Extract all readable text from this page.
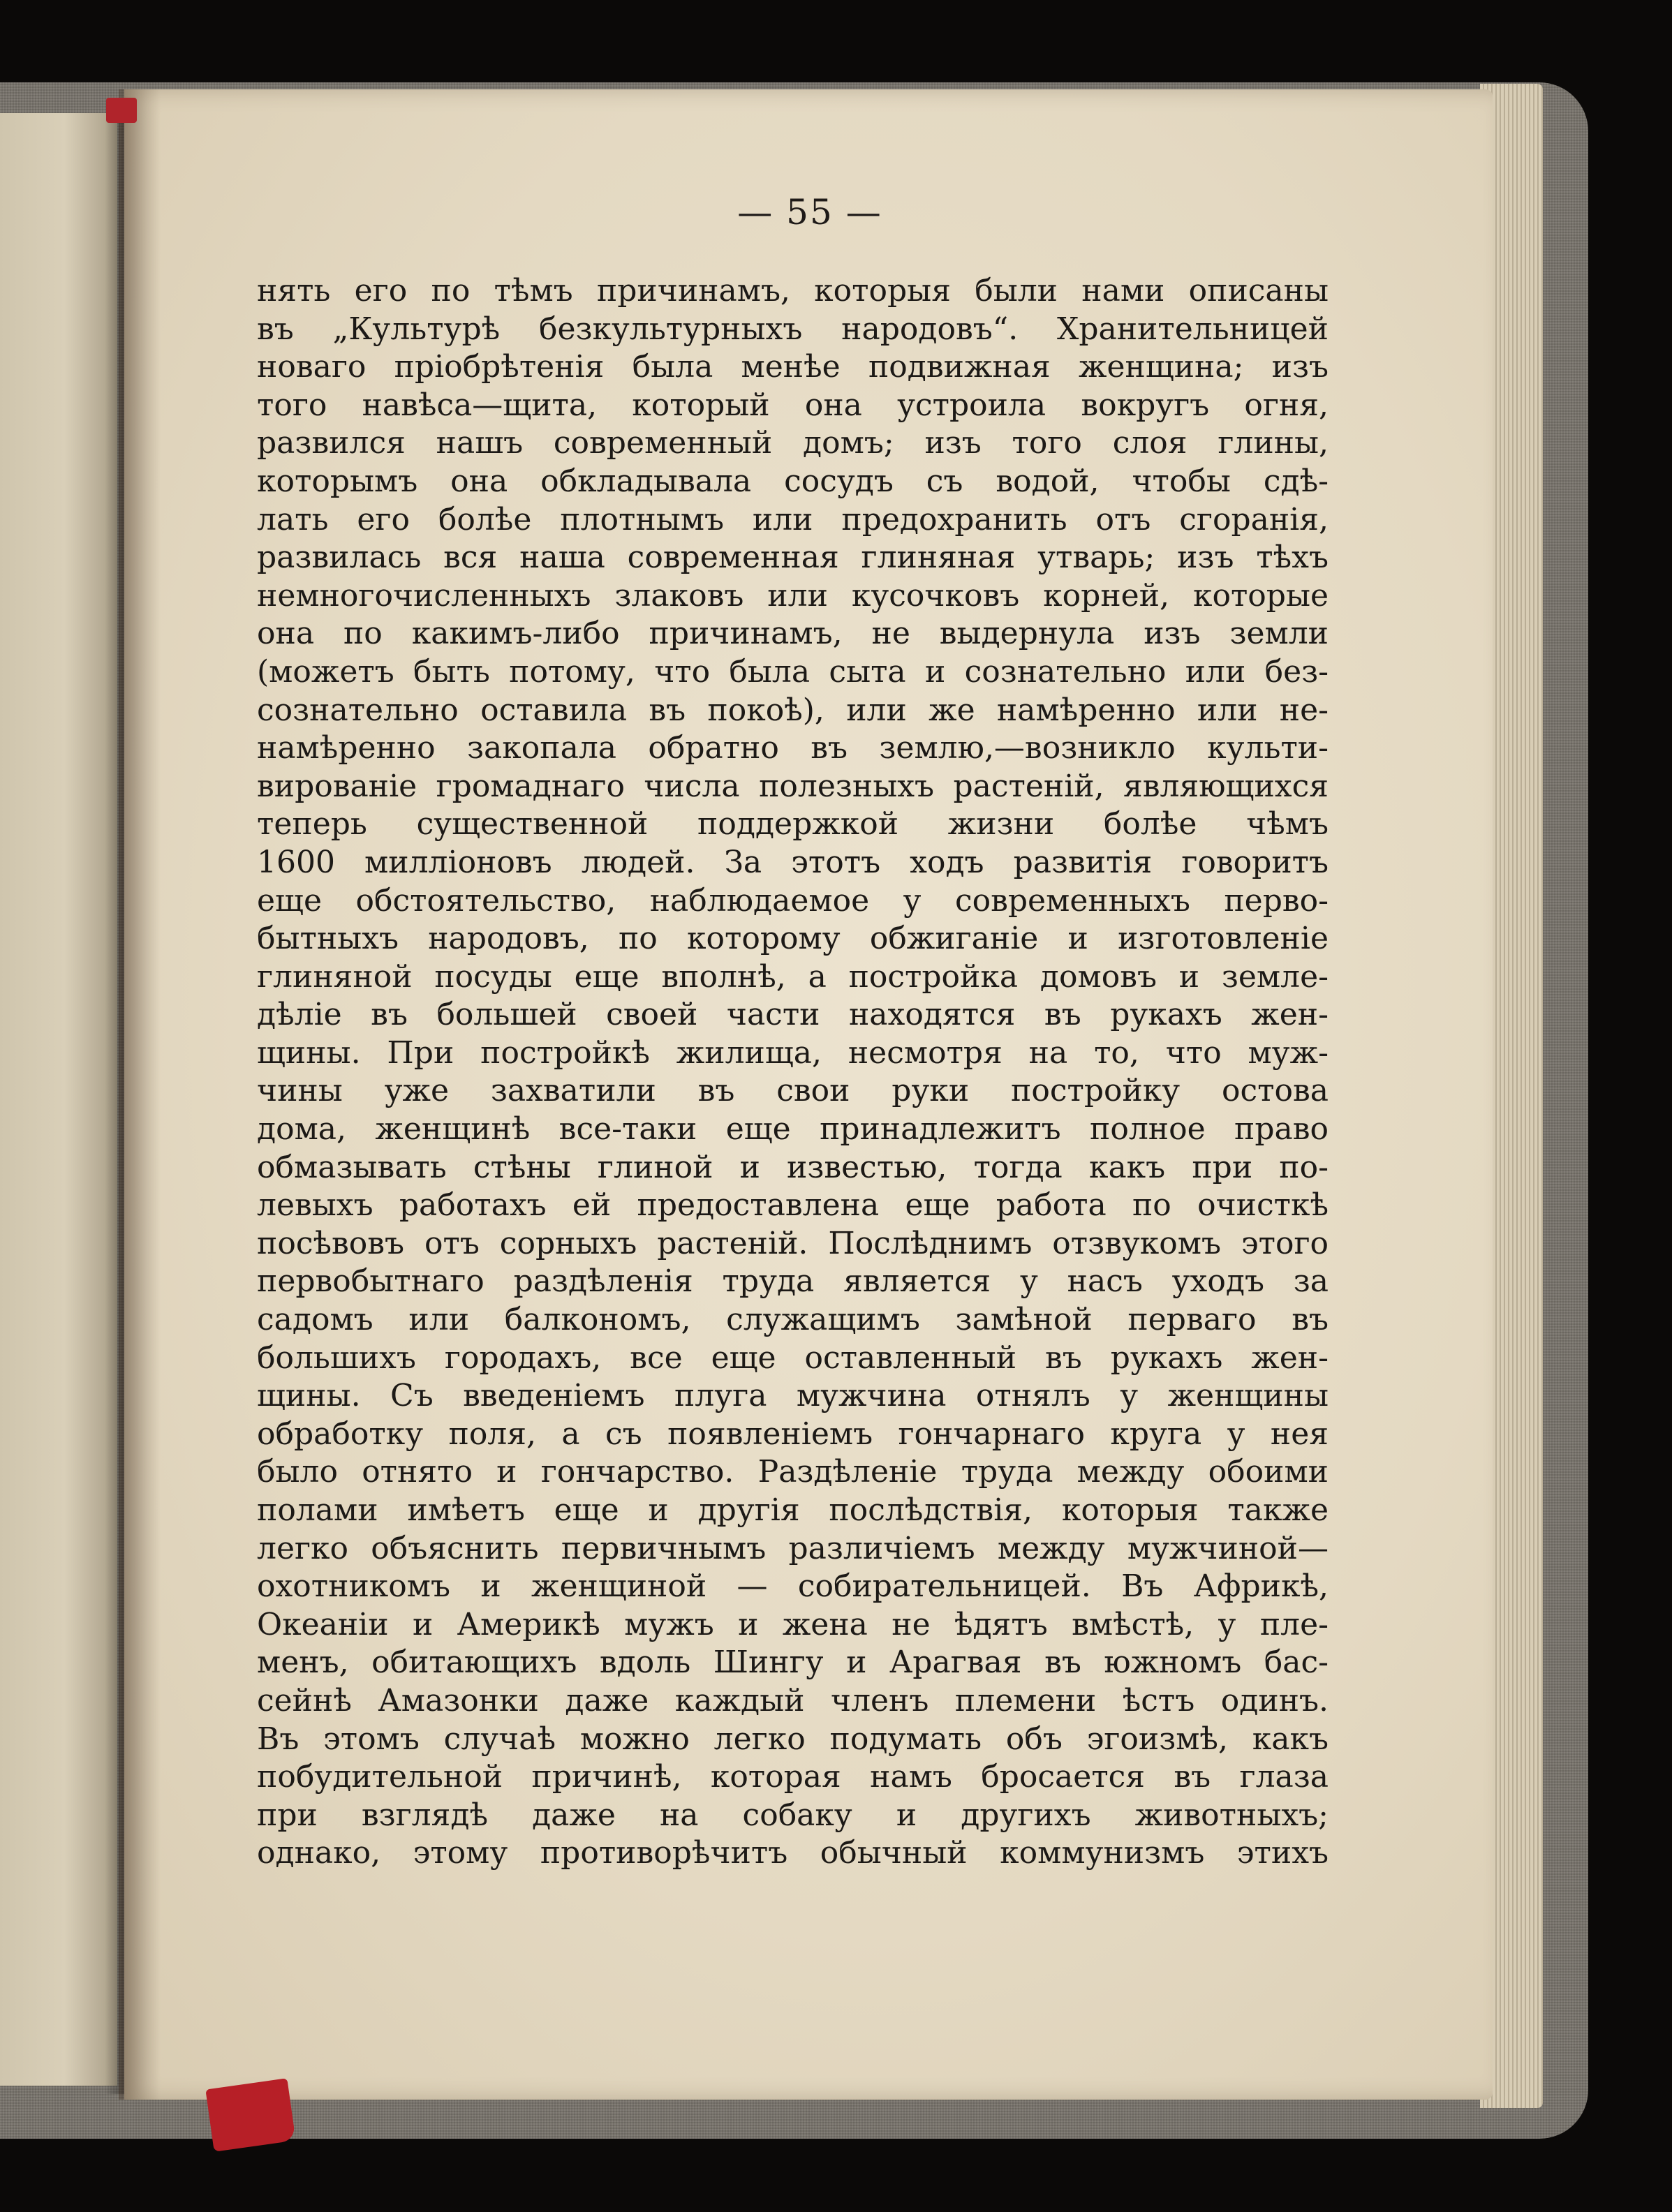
— 55 —
нять его по тѣмъ причинамъ, которыя были нами описаны
въ „Культурѣ безкультурныхъ народовъ“. Хранительницей
новаго пріобрѣтенія была менѣе подвижная женщина; изъ
того навѣса—щита, который она устроила вокругъ огня,
развился нашъ современный домъ; изъ того слоя глины,
которымъ она обкладывала сосудъ съ водой, чтобы сдѣ-
лать его болѣе плотнымъ или предохранить отъ сгоранія,
развилась вся наша современная глиняная утварь; изъ тѣхъ
немногочисленныхъ злаковъ или кусочковъ корней, которые
она по какимъ-либо причинамъ, не выдернула изъ земли
(можетъ быть потому, что была сыта и сознательно или без-
сознательно оставила въ покоѣ), или же намѣренно или не-
намѣренно закопала обратно въ землю,—возникло культи-
вированіе громаднаго числа полезныхъ растеній, являющихся
теперь существенной поддержкой жизни болѣе чѣмъ
1600 милліоновъ людей. За этотъ ходъ развитія говоритъ
еще обстоятельство, наблюдаемое у современныхъ перво-
бытныхъ народовъ, по которому обжиганіе и изготовленіе
глиняной посуды еще вполнѣ, а постройка домовъ и земле-
дѣліе въ большей своей части находятся въ рукахъ жен-
щины. При постройкѣ жилища, несмотря на то, что муж-
чины уже захватили въ свои руки постройку остова
дома, женщинѣ все-таки еще принадлежитъ полное право
обмазывать стѣны глиной и известью, тогда какъ при по-
левыхъ работахъ ей предоставлена еще работа по очисткѣ
посѣвовъ отъ сорныхъ растеній. Послѣднимъ отзвукомъ этого
первобытнаго раздѣленія труда является у насъ уходъ за
садомъ или балкономъ, служащимъ замѣной перваго въ
большихъ городахъ, все еще оставленный въ рукахъ жен-
щины. Съ введеніемъ плуга мужчина отнялъ у женщины
обработку поля, а съ появленіемъ гончарнаго круга у нея
было отнято и гончарство. Раздѣленіе труда между обоими
полами имѣетъ еще и другія послѣдствія, которыя также
легко объяснить первичнымъ различіемъ между мужчиной—
охотникомъ и женщиной — собирательницей. Въ Африкѣ,
Океаніи и Америкѣ мужъ и жена не ѣдятъ вмѣстѣ, у пле-
менъ, обитающихъ вдоль Шингу и Арагвая въ южномъ бас-
сейнѣ Амазонки даже каждый членъ племени ѣстъ одинъ.
Въ этомъ случаѣ можно легко подумать объ эгоизмѣ, какъ
побудительной причинѣ, которая намъ бросается въ глаза
при взглядѣ даже на собаку и другихъ животныхъ;
однако, этому противорѣчитъ обычный коммунизмъ этихъ
